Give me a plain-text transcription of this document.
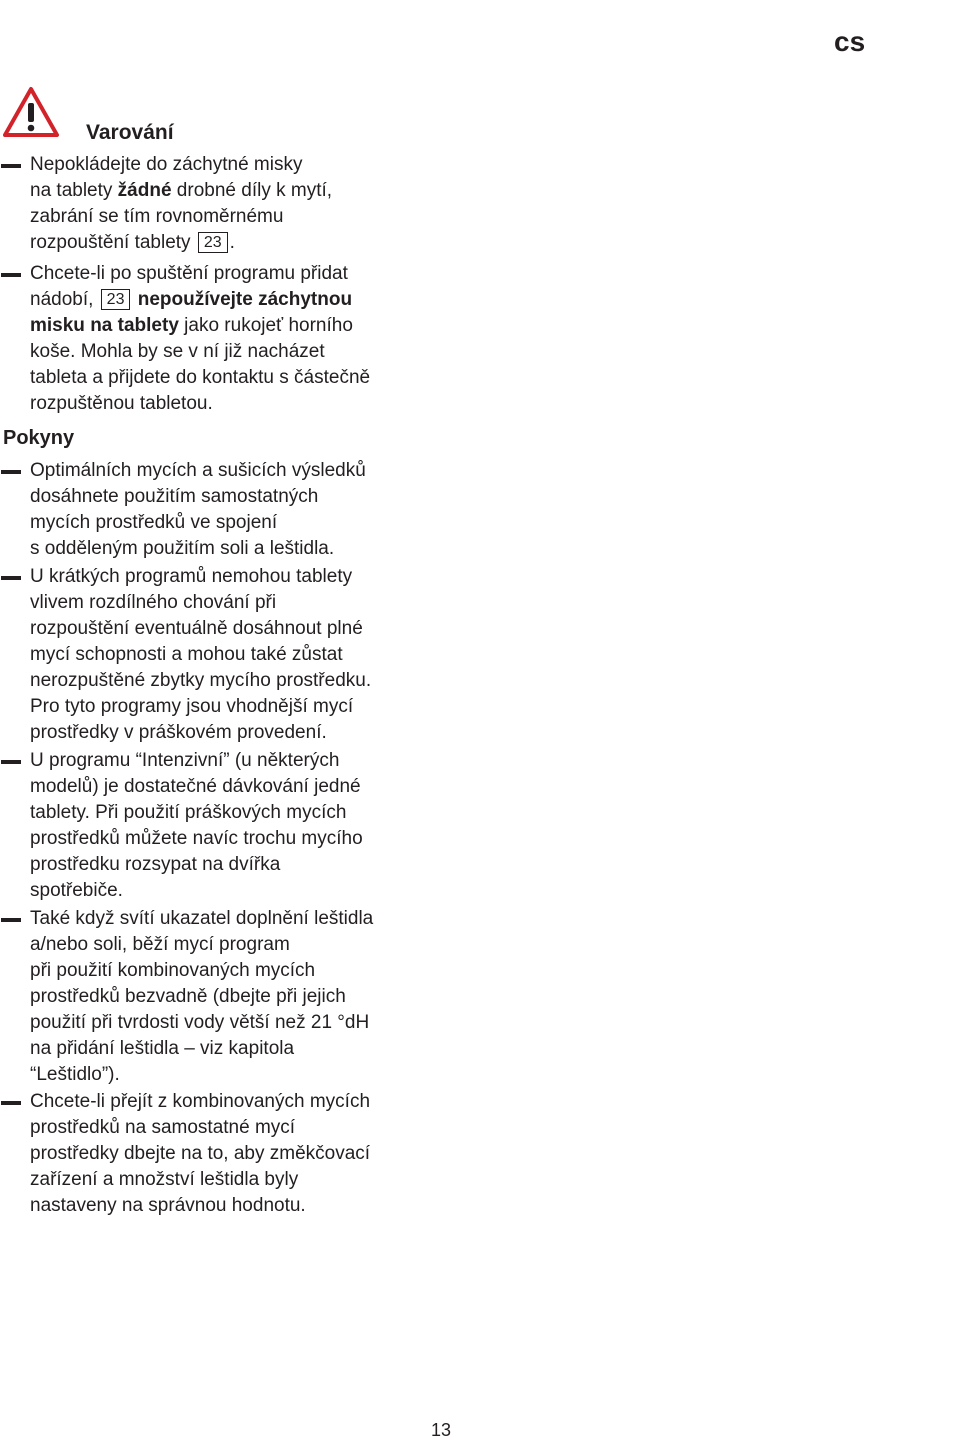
cs
Varování
Nepokládejte do záchytné misky
na tablety žádné drobné díly k mytí,
zabrání se tím rovnoměrnému
rozpouštění tablety 23 .
Chcete-li po spuštění programu přidat
nádobí, 23 nepoužívejte záchytnou
misku na tablety jako rukojeť horního
koše. Mohla by se v ní již nacházet
tableta a přijdete do kontaktu s částečně
rozpuštěnou tabletou.
Pokyny
Optimálních mycích a sušicích výsledků
dosáhnete použitím samostatných
mycích prostředků ve spojení
s odděleným použitím soli a leštidla.
U krátkých programů nemohou tablety
vlivem rozdílného chování při
rozpouštění eventuálně dosáhnout plné
mycí schopnosti a mohou také zůstat
nerozpuštěné zbytky mycího prostředku.
Pro tyto programy jsou vhodnější mycí
prostředky v práškovém provedení.
U programu “Intenzivní” (u některých
modelů) je dostatečné dávkování jedné
tablety. Při použití práškových mycích
prostředků můžete navíc trochu mycího
prostředku rozsypat na dvířka
spotřebiče.
Také když svítí ukazatel doplnění leštidla
a/nebo soli, běží mycí program
při použití kombinovaných mycích
prostředků bezvadně (dbejte při jejich
použití při tvrdosti vody větší než 21 °dH
na přidání leštidla – viz kapitola
“Leštidlo”).
Chcete-li přejít z kombinovaných mycích
prostředků na samostatné mycí
prostředky dbejte na to, aby změkčovací
zařízení a množství leštidla byly
nastaveny na správnou hodnotu.
13
